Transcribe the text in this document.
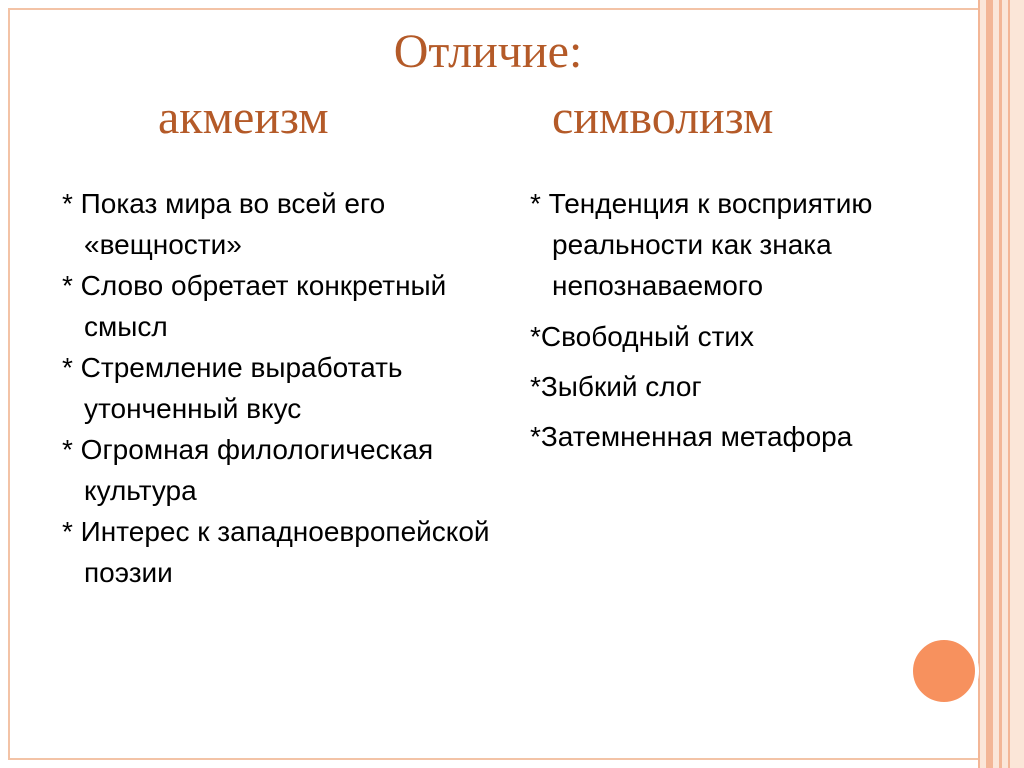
Отличие:
акмеизм	символизм
* Показ мира во всей его «вещности»
* Слово обретает конкретный смысл
* Стремление выработать утонченный вкус
* Огромная филологическая культура
* Интерес к западноевропейской поэзии
* Тенденция к восприятию реальности как знака непознаваемого
*Свободный стих
*Зыбкий слог
*Затемненная метафора
